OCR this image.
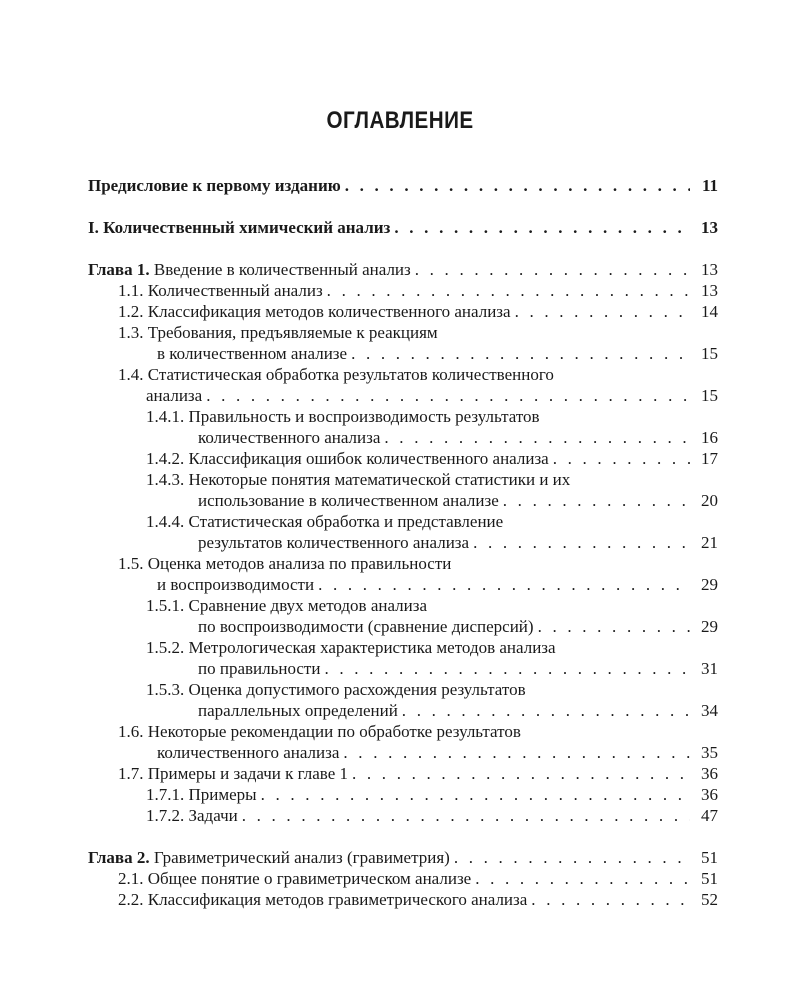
ОГЛАВЛЕНИЕ
Предисловие к первому изданию . . .	11
I. Количественный химический анализ . . .	13
Глава 1. Введение в количественный анализ . . .	13
1.1. Количественный анализ . . .	13
1.2. Классификация методов количественного анализа . . .	14
1.3. Требования, предъявляемые к реакциям
в количественном анализе . . .	15
1.4. Статистическая обработка результатов количественного
анализа . . .	15
1.4.1. Правильность и воспроизводимость результатов
количественного анализа . . .	16
1.4.2. Классификация ошибок количественного анализа . . .	17
1.4.3. Некоторые понятия математической статистики и их
использование в количественном анализе . . .	20
1.4.4. Статистическая обработка и представление
результатов количественного анализа . . .	21
1.5. Оценка методов анализа по правильности
и воспроизводимости . . .	29
1.5.1. Сравнение двух методов анализа
по воспроизводимости (сравнение дисперсий) . . .	29
1.5.2. Метрологическая характеристика методов анализа
по правильности . . .	31
1.5.3. Оценка допустимого расхождения результатов
параллельных определений . . .	34
1.6. Некоторые рекомендации по обработке результатов
количественного анализа . . .	35
1.7. Примеры и задачи к главе 1 . . .	36
1.7.1. Примеры . . .	36
1.7.2. Задачи . . .	47
Глава 2. Гравиметрический анализ (гравиметрия) . . .	51
2.1. Общее понятие о гравиметрическом анализе . . .	51
2.2. Классификация методов гравиметрического анализа . . .	52
